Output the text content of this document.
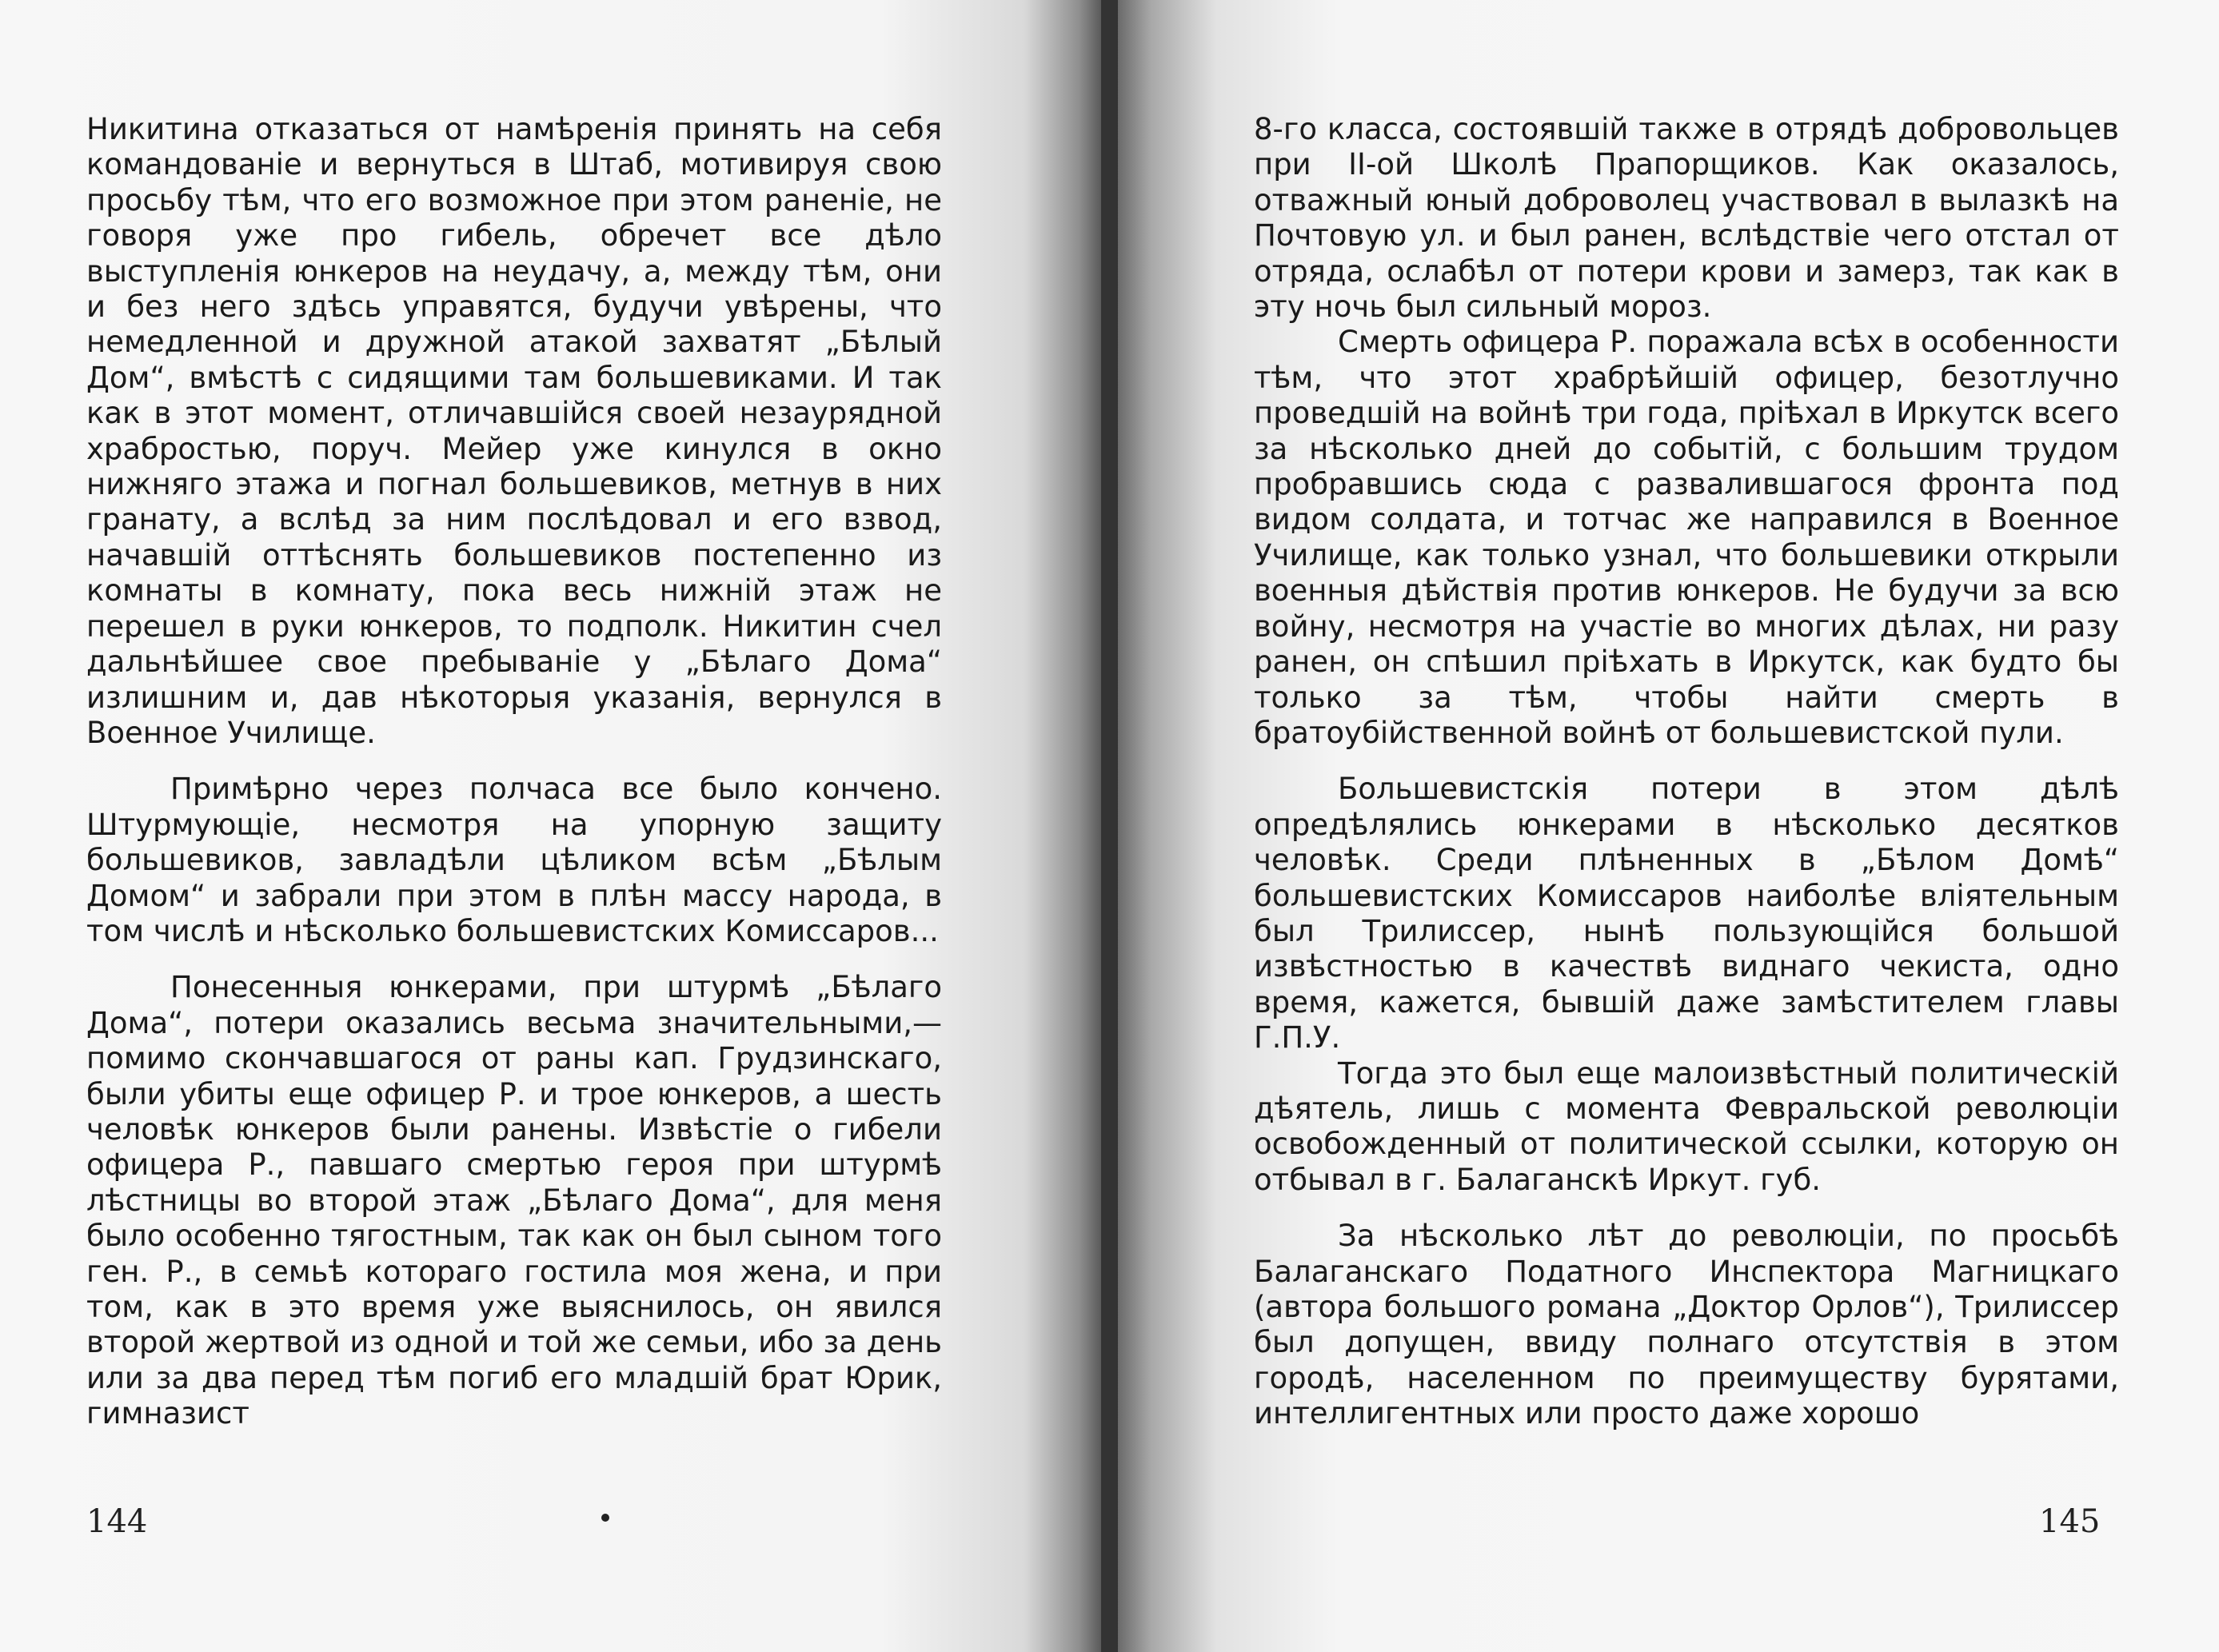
Никитина отказаться от намѣренія принять на себя командованіе и вернуться в Штаб, мотивируя свою просьбу тѣм, что его возможное при этом раненіе, не говоря уже про гибель, обречет все дѣло выступленія юнкеров на неудачу, а, между тѣм, они и без него здѣсь управятся, будучи увѣрены, что немедленной и дружной атакой захватят „Бѣлый Дом“, вмѣстѣ с сидящими там большевиками. И так как в этот момент, отличавшійся своей незаурядной храбростью, поруч. Мейер уже кинулся в окно нижняго этажа и погнал большевиков, метнув в них гранату, а вслѣд за ним послѣдовал и его взвод, начавшій оттѣснять большевиков постепенно из комнаты в комнату, пока весь нижній этаж не перешел в руки юнкеров, то подполк. Никитин счел дальнѣйшее свое пребываніе у „Бѣлаго Дома“ излишним и, дав нѣкоторыя указанія, вернулся в Военное Училище.

Примѣрно через полчаса все было кончено. Штурмующіе, несмотря на упорную защиту большевиков, завладѣли цѣликом всѣм „Бѣлым Домом“ и забрали при этом в плѣн массу народа, в том числѣ и нѣсколько большевистских Комиссаров...

Понесенныя юнкерами, при штурмѣ „Бѣлаго Дома“, потери оказались весьма значительными,— помимо скончавшагося от раны кап. Грудзинскаго, были убиты еще офицер Р. и трое юнкеров, а шесть человѣк юнкеров были ранены. Извѣстіе о гибели офицера Р., павшаго смертью героя при штурмѣ лѣстницы во второй этаж „Бѣлаго Дома“, для меня было особенно тягостным, так как он был сыном того ген. Р., в семьѣ котораго гостила моя жена, и при том, как в это время уже выяснилось, он явился второй жертвой из одной и той же семьи, ибо за день или за два перед тѣм погиб его младшій брат Юрик, гимназист

144

8-го класса, состоявшій также в отрядѣ добровольцев при II-ой Школѣ Прапорщиков. Как оказалось, отважный юный доброволец участвовал в вылазкѣ на Почтовую ул. и был ранен, вслѣдствіе чего отстал от отряда, ослабѣл от потери крови и замерз, так как в эту ночь был сильный мороз.

Смерть офицера Р. поражала всѣх в особенности тѣм, что этот храбрѣйшій офицер, безотлучно проведшій на войнѣ три года, пріѣхал в Иркутск всего за нѣсколько дней до событій, с большим трудом пробравшись сюда с развалившагося фронта под видом солдата, и тотчас же направился в Военное Училище, как только узнал, что большевики открыли военныя дѣйствія против юнкеров. Не будучи за всю войну, несмотря на участіе во многих дѣлах, ни разу ранен, он спѣшил пріѣхать в Иркутск, как будто бы только за тѣм, чтобы найти смерть в братоубійственной войнѣ от большевистской пули.

Большевистскія потери в этом дѣлѣ опредѣлялись юнкерами в нѣсколько десятков человѣк. Среди плѣненных в „Бѣлом Домѣ“ большевистских Комиссаров наиболѣе вліятельным был Трилиссер, нынѣ пользующійся большой извѣстностью в качествѣ виднаго чекиста, одно время, кажется, бывшій даже замѣстителем главы Г.П.У.

Тогда это был еще малоизвѣстный политическій дѣятель, лишь с момента Февральской революціи освобожденный от политической ссылки, которую он отбывал в г. Балаганскѣ Иркут. губ.

За нѣсколько лѣт до революціи, по просьбѣ Балаганскаго Податного Инспектора Магницкаго (автора большого романа „Доктор Орлов“), Трилиссер был допущен, ввиду полнаго отсутствія в этом городѣ, населенном по преимуществу бурятами, интеллигентных или просто даже хорошо

145
